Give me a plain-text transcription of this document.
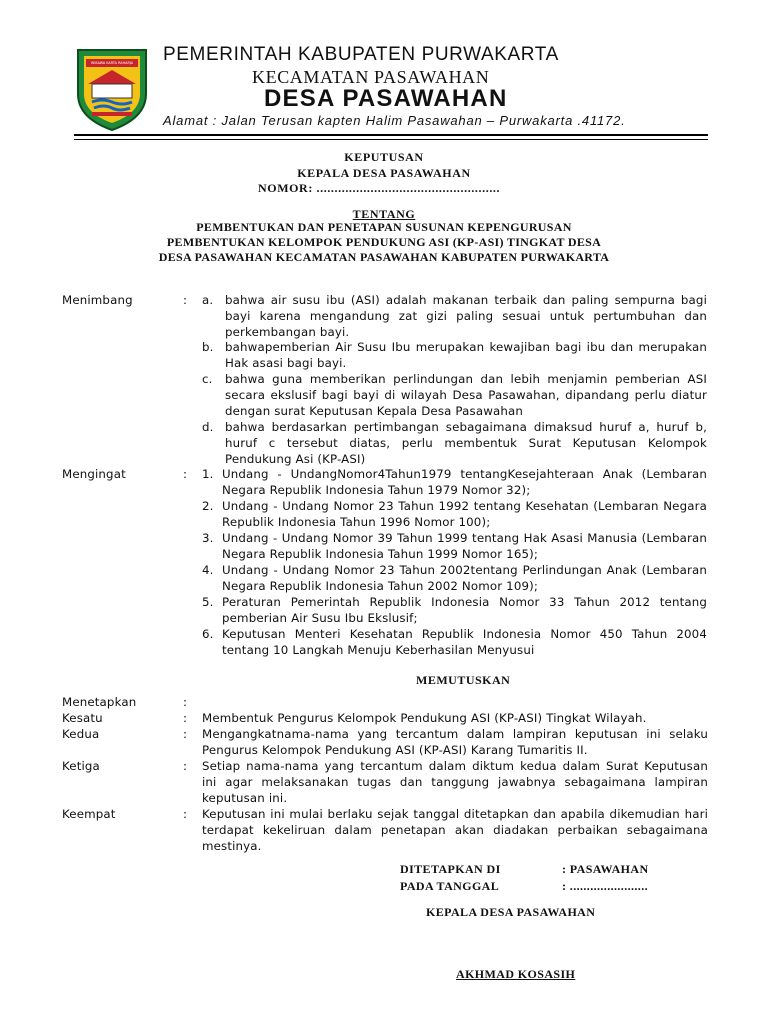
WIBAWA KARTA RAHARJA PEMERINTAH KABUPATEN PURWAKARTA
KECAMATAN PASAWAHAN
DESA PASAWAHAN
Alamat : Jalan Terusan kapten Halim Pasawahan – Purwakarta .41172.
KEPUTUSAN
KEPALA DESA PASAWAHAN
NOMOR: ...................................................
TENTANG
PEMBENTUKAN DAN PENETAPAN SUSUNAN KEPENGURUSAN
PEMBENTUKAN KELOMPOK PENDUKUNG ASI (KP-ASI) TINGKAT DESA
DESA PASAWAHAN KECAMATAN PASAWAHAN KABUPATEN PURWAKARTA
Menimbang	: a. bahwa air susu ibu (ASI) adalah makanan terbaik dan paling sempurna bagi bayi karena mengandung zat gizi paling sesuai untuk pertumbuhan dan perkembangan bayi.

b. bahwapemberian Air Susu Ibu merupakan kewajiban bagi ibu dan merupakan Hak asasi bagi bayi.

c. bahwa guna memberikan perlindungan dan lebih menjamin pemberian ASI secara ekslusif bagi bayi di wilayah Desa Pasawahan, dipandang perlu diatur dengan surat Keputusan Kepala Desa Pasawahan

d. bahwa berdasarkan pertimbangan sebagaimana dimaksud huruf a, huruf b, huruf c tersebut diatas, perlu membentuk Surat Keputusan Kelompok Pendukung Asi (KP-ASI)

Mengingat	: 1. Undang - UndangNomor4Tahun1979 tentangKesejahteraan Anak (Lembaran Negara Republik Indonesia Tahun 1979 Nomor 32);

2. Undang - Undang Nomor 23 Tahun 1992 tentang Kesehatan (Lembaran Negara Republik Indonesia Tahun 1996 Nomor 100);

3. Undang - Undang Nomor 39 Tahun 1999 tentang Hak Asasi Manusia (Lembaran Negara Republik Indonesia Tahun 1999 Nomor 165);

4. Undang - Undang Nomor 23 Tahun 2002tentang Perlindungan Anak (Lembaran Negara Republik Indonesia Tahun 2002 Nomor 109);

5. Peraturan Pemerintah Republik Indonesia Nomor 33 Tahun 2012 tentang pemberian Air Susu Ibu Ekslusif;

6. Keputusan Menteri Kesehatan Republik Indonesia Nomor 450 Tahun 2004 tentang 10 Langkah Menuju Keberhasilan Menyusui

MEMUTUSKAN
Menetapkan	:
Kesatu	: Membentuk Pengurus Kelompok Pendukung ASI (KP-ASI) Tingkat Wilayah.

Kedua	: Mengangkatnama-nama yang tercantum dalam lampiran keputusan ini selaku Pengurus Kelompok Pendukung ASI (KP-ASI) Karang Tumaritis II.

Ketiga	: Setiap nama-nama yang tercantum dalam diktum kedua dalam Surat Keputusan ini agar melaksanakan tugas dan tanggung jawabnya sebagaimana lampiran keputusan ini.

Keempat	: Keputusan ini mulai berlaku sejak tanggal ditetapkan dan apabila dikemudian hari terdapat kekeliruan dalam penetapan akan diadakan perbaikan sebagaimana mestinya.

DITETAPKAN DI	: PASAWAHAN
PADA TANGGAL	: .......................
KEPALA DESA PASAWAHAN
AKHMAD KOSASIH
